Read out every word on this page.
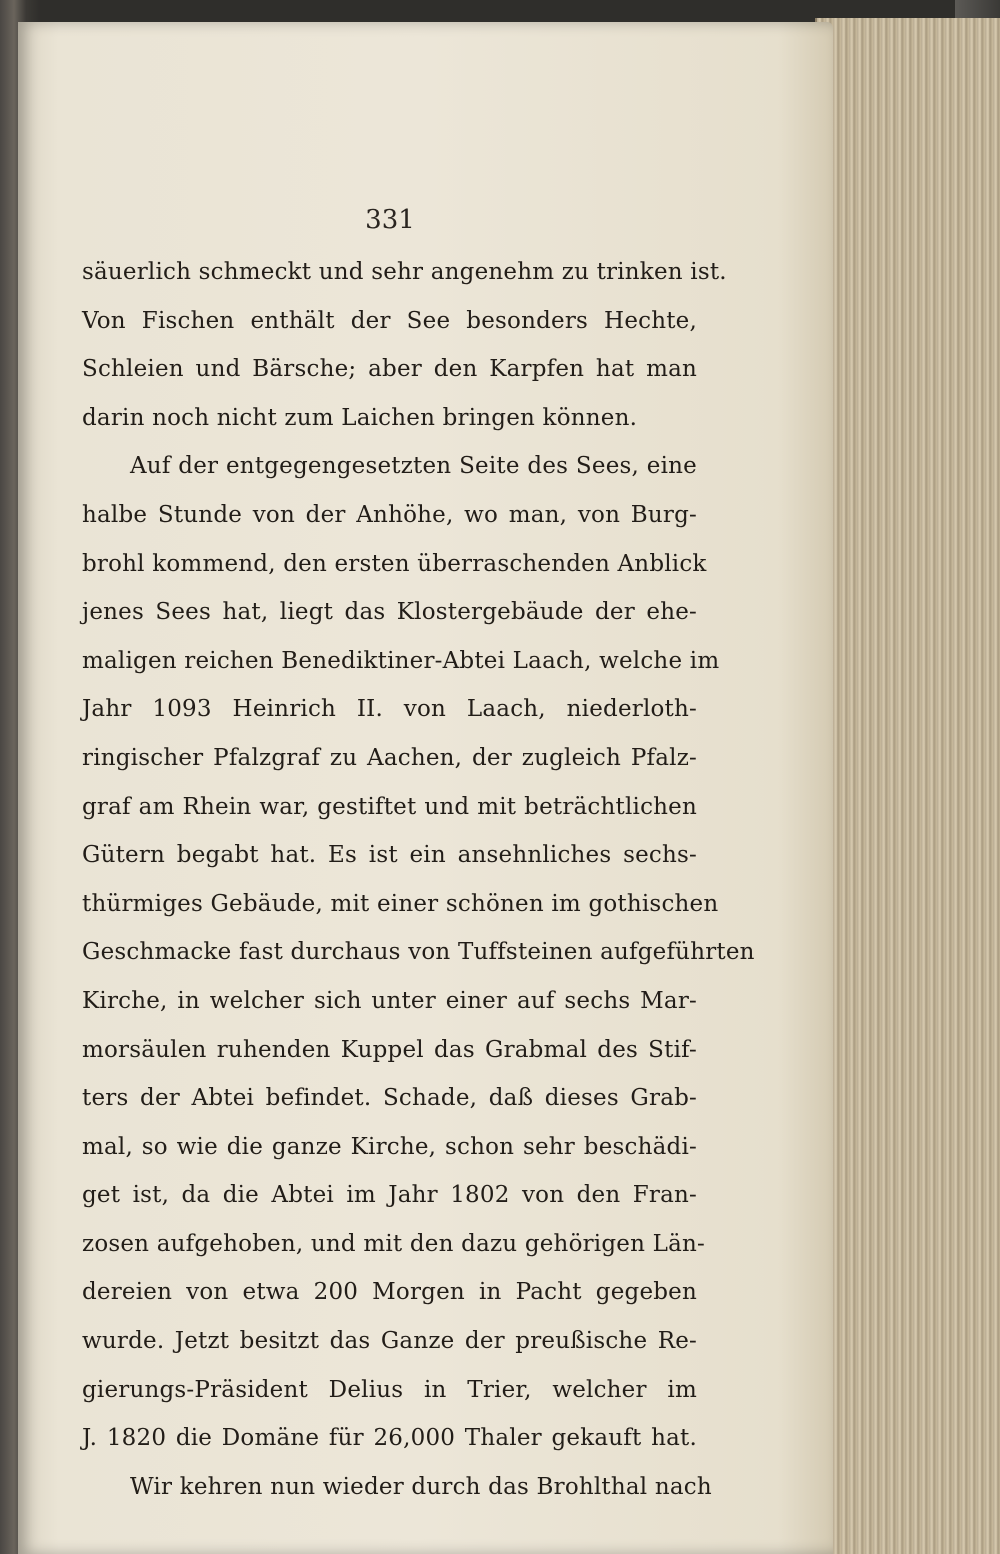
331
säuerlich schmeckt und sehr angenehm zu trinken ist.
Von Fischen enthält der See besonders Hechte,
Schleien und Bärsche; aber den Karpfen hat man
darin noch nicht zum Laichen bringen können.
Auf der entgegengesetzten Seite des Sees, eine
halbe Stunde von der Anhöhe, wo man, von Burg-
brohl kommend, den ersten überraschenden Anblick
jenes Sees hat, liegt das Klostergebäude der ehe-
maligen reichen Benediktiner-Abtei Laach, welche im
Jahr 1093 Heinrich II. von Laach, niederloth-
ringischer Pfalzgraf zu Aachen, der zugleich Pfalz-
graf am Rhein war, gestiftet und mit beträchtlichen
Gütern begabt hat. Es ist ein ansehnliches sechs-
thürmiges Gebäude, mit einer schönen im gothischen
Geschmacke fast durchaus von Tuffsteinen aufgeführten
Kirche, in welcher sich unter einer auf sechs Mar-
morsäulen ruhenden Kuppel das Grabmal des Stif-
ters der Abtei befindet. Schade, daß dieses Grab-
mal, so wie die ganze Kirche, schon sehr beschädi-
get ist, da die Abtei im Jahr 1802 von den Fran-
zosen aufgehoben, und mit den dazu gehörigen Län-
dereien von etwa 200 Morgen in Pacht gegeben
wurde. Jetzt besitzt das Ganze der preußische Re-
gierungs-Präsident Delius in Trier, welcher im
J. 1820 die Domäne für 26,000 Thaler gekauft hat.
Wir kehren nun wieder durch das Brohlthal nach
